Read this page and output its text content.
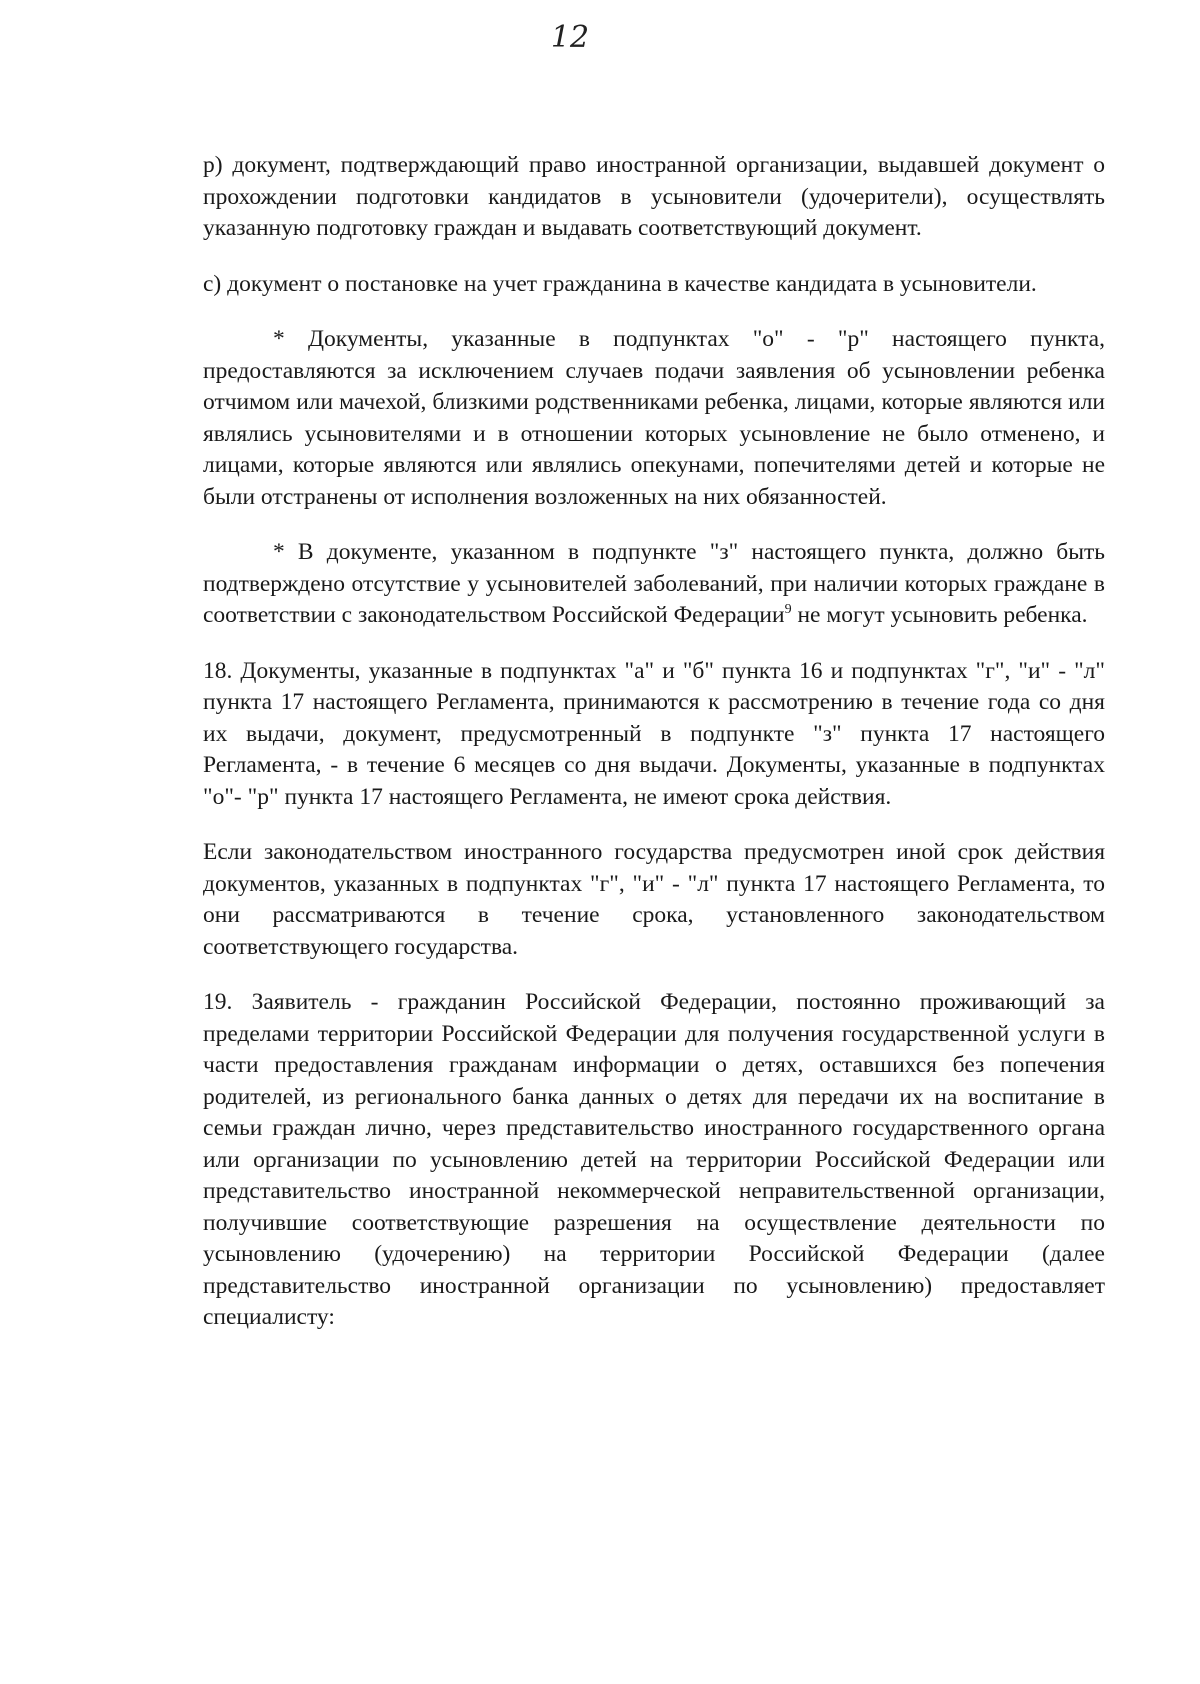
12

р) документ, подтверждающий право иностранной организации, выдавшей документ о прохождении подготовки кандидатов в усыновители (удочерители), осуществлять указанную подготовку граждан и выдавать соответствующий документ.

с) документ о постановке на учет гражданина в качестве кандидата в усыновители.

* Документы, указанные в подпунктах "о" - "р" настоящего пункта, предоставляются за исключением случаев подачи заявления об усыновлении ребенка отчимом или мачехой, близкими родственниками ребенка, лицами, которые являются или являлись усыновителями и в отношении которых усыновление не было отменено, и лицами, которые являются или являлись опекунами, попечителями детей и которые не были отстранены от исполнения возложенных на них обязанностей.

* В документе, указанном в подпункте "з" настоящего пункта, должно быть подтверждено отсутствие у усыновителей заболеваний, при наличии которых граждане в соответствии с законодательством Российской Федерации$^9$ не могут усыновить ребенка.

18. Документы, указанные в подпунктах "а" и "б" пункта 16 и подпунктах "г", "и" - "л" пункта 17 настоящего Регламента, принимаются к рассмотрению в течение года со дня их выдачи, документ, предусмотренный в подпункте "з" пункта 17 настоящего Регламента, - в течение 6 месяцев со дня выдачи. Документы, указанные в подпунктах "о"- "р" пункта 17 настоящего Регламента, не имеют срока действия.

Если законодательством иностранного государства предусмотрен иной срок действия документов, указанных в подпунктах "г", "и" - "л" пункта 17 настоящего Регламента, то они рассматриваются в течение срока, установленного законодательством соответствующего государства.

19. Заявитель - гражданин Российской Федерации, постоянно проживающий за пределами территории Российской Федерации для получения государственной услуги в части предоставления гражданам информации о детях, оставшихся без попечения родителей, из регионального банка данных о детях для передачи их на воспитание в семьи граждан лично, через представительство иностранного государственного органа или организации по усыновлению детей на территории Российской Федерации или представительство иностранной некоммерческой неправительственной организации, получившие соответствующие разрешения на осуществление деятельности по усыновлению (удочерению) на территории Российской Федерации (далее представительство иностранной организации по усыновлению) предоставляет специалисту:
